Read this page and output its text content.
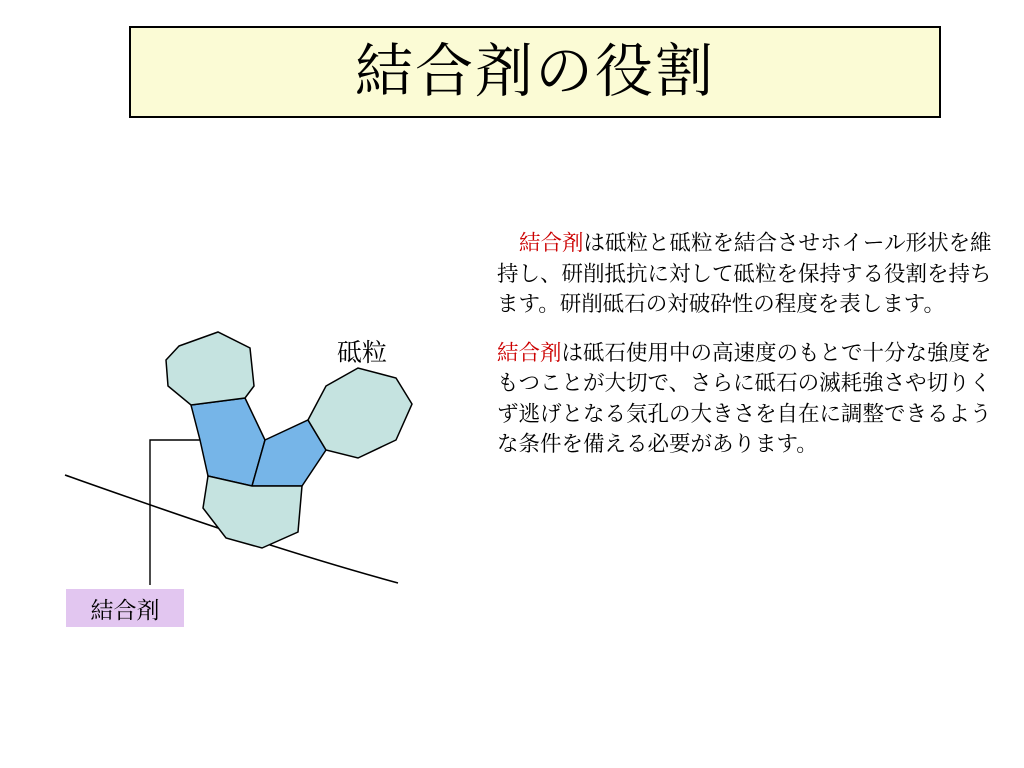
結合剤の役割
砥粒
結合剤

結合剤は砥粒と砥粒を結合させホイール形状を維持し、研削抵抗に対して砥粒を保持する役割を持ちます。研削砥石の対破砕性の程度を表します。

結合剤は砥石使用中の高速度のもとで十分な強度をもつことが大切で、さらに砥石の滅耗強さや切りくず逃げとなる気孔の大きさを自在に調整できるような条件を備える必要があります。
